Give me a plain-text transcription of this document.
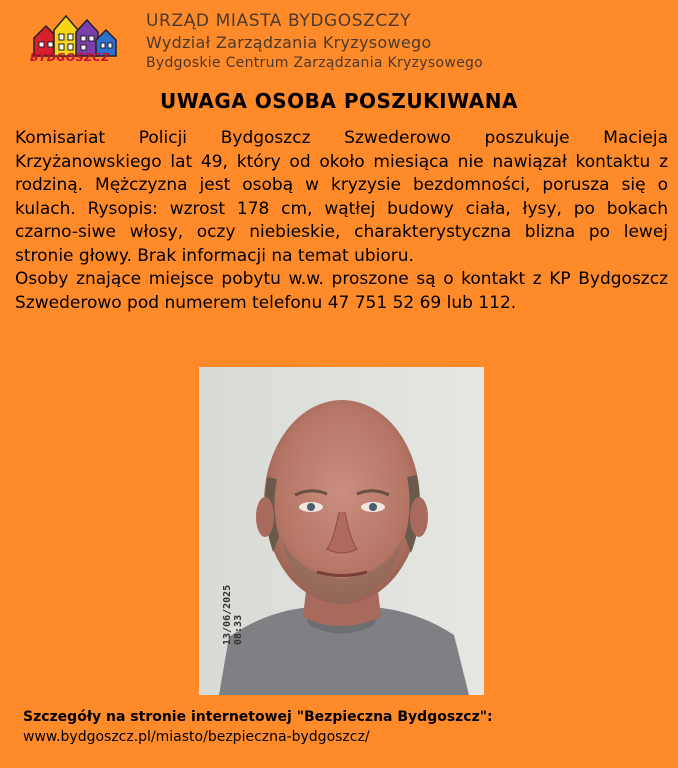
BYDGOSZCZ
URZĄD MIASTA BYDGOSZCZY
Wydział Zarządzania Kryzysowego
Bydgoskie Centrum Zarządzania Kryzysowego
UWAGA OSOBA POSZUKIWANA

Komisariat Policji Bydgoszcz Szwederowo poszukuje Macieja Krzyżanowskiego lat 49, który od około miesiąca nie nawiązał kontaktu z rodziną. Mężczyzna jest osobą w kryzysie bezdomności, porusza się o kulach. Rysopis: wzrost 178 cm, wątłej budowy ciała, łysy, po bokach czarno-siwe włosy, oczy niebieskie, charakterystyczna blizna po lewej stronie głowy. Brak informacji na temat ubioru.

Osoby znające miejsce pobytu w.w. proszone są o kontakt z KP Bydgoszcz Szwederowo pod numerem telefonu 47 751 52 69 lub 112.

13/06/2025
08:33
Szczegóły na stronie internetowej "Bezpieczna Bydgoszcz":
www.bydgoszcz.pl/miasto/bezpieczna-bydgoszcz/
